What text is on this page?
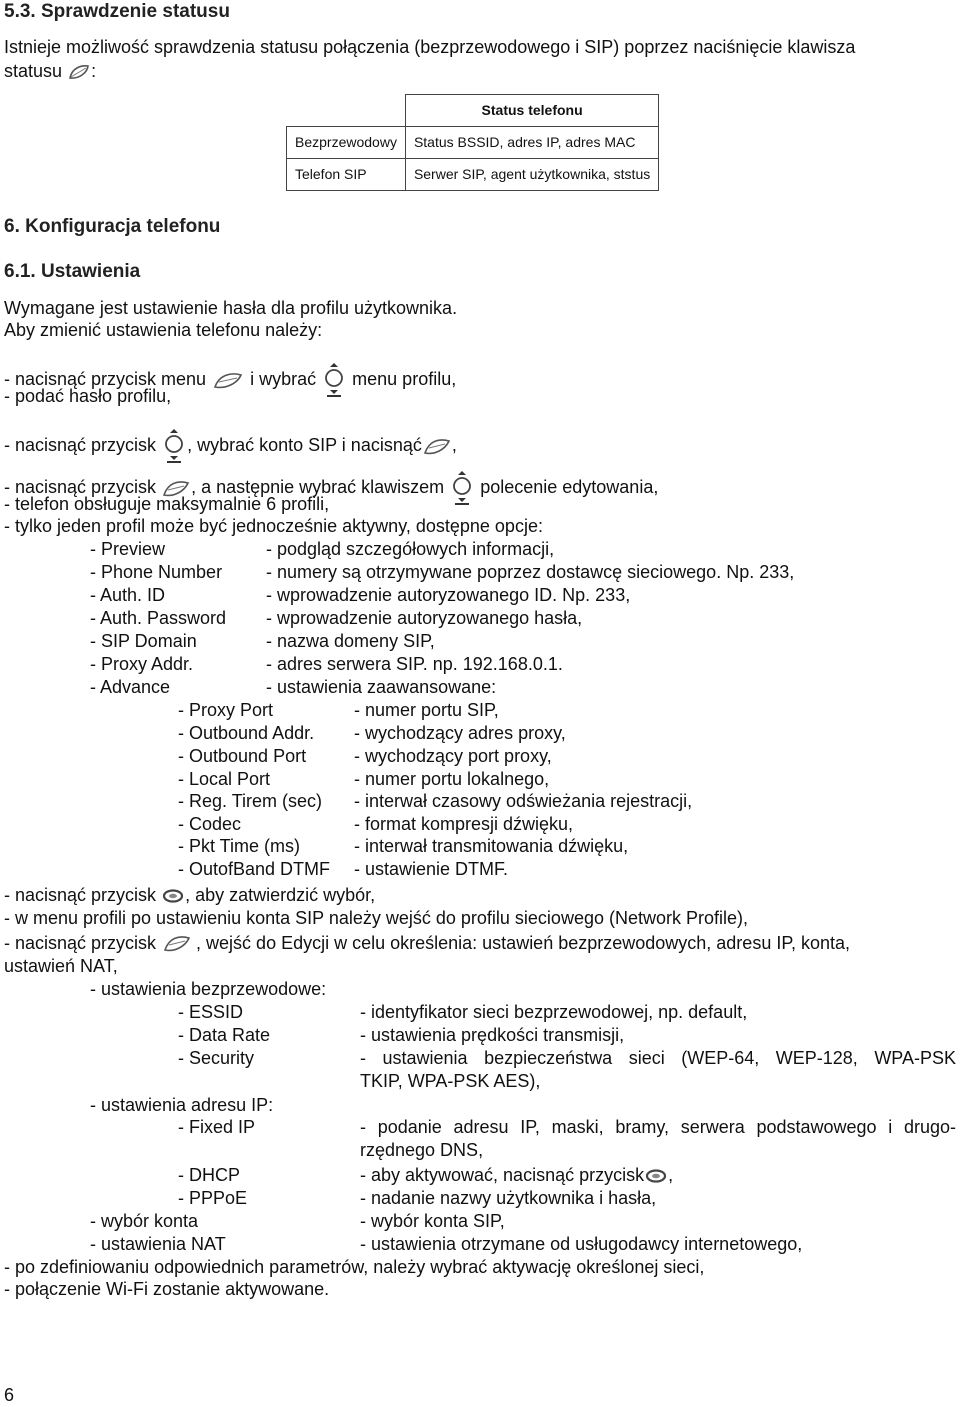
5.3. Sprawdzenie statusu
Istnieje możliwość sprawdzenia statusu połączenia (bezprzewodowego i SIP) poprzez naciśnięcie klawisza
statusu :
	Status telefonu
Bezprzewodowy	Status BSSID, adres IP, adres MAC
Telefon SIP	Serwer SIP, agent użytkownika, ststus
6. Konfiguracja telefonu
6.1. Ustawienia
Wymagane jest ustawienie hasła dla profilu użytkownika.
Aby zmienić ustawienia telefonu należy:
- nacisnąć przycisk menu i wybrać menu profilu,
- podać hasło profilu,
- nacisnąć przycisk , wybrać konto SIP i nacisnąć ,
- nacisnąć przycisk , a następnie wybrać klawiszem polecenie edytowania,
- telefon obsługuje maksymalnie 6 profili,
- tylko jeden profil może być jednocześnie aktywny, dostępne opcje:
- Preview	- podgląd szczegółowych informacji,
- Phone Number - numery są otrzymywane poprzez dostawcę sieciowego. Np. 233,
- Auth. ID	- wprowadzenie autoryzowanego ID. Np. 233,
- Auth. Password - wprowadzenie autoryzowanego hasła,
- SIP Domain	- nazwa domeny SIP,
- Proxy Addr.	- adres serwera SIP. np. 192.168.0.1.
- Advance	- ustawienia zaawansowane:
- Proxy Port	- numer portu SIP,
- Outbound Addr. - wychodzący adres proxy,
- Outbound Port	- wychodzący port proxy,
- Local Port	- numer portu lokalnego,
- Reg. Tirem (sec) - interwał czasowy odświeżania rejestracji,
- Codec	- format kompresji dźwięku,
- Pkt Time (ms)	- interwał transmitowania dźwięku,
- OutofBand DTMF - ustawienie DTMF.
- nacisnąć przycisk , aby zatwierdzić wybór,
- w menu profili po ustawieniu konta SIP należy wejść do profilu sieciowego (Network Profile),
- nacisnąć przycisk , wejść do Edycji w celu określenia: ustawień bezprzewodowych, adresu IP, konta,
ustawień NAT,
- ustawienia bezprzewodowe:
- ESSID	- identyfikator sieci bezprzewodowej, np. default,
- Data Rate	- ustawienia prędkości transmisji,
- Security	- ustawienia bezpieczeństwa sieci (WEP-64, WEP-128, WPA-PSK
TKIP, WPA-PSK AES),
- ustawienia adresu IP:
- Fixed IP	- podanie adresu IP, maski, bramy, serwera podstawowego i drugo-
rzędnego DNS,
- DHCP	- aby aktywować, nacisnąć przycisk ,
- PPPoE	- nadanie nazwy użytkownika i hasła,
- wybór konta	- wybór konta SIP,
- ustawienia NAT	- ustawienia otrzymane od usługodawcy internetowego,
- po zdefiniowaniu odpowiednich parametrów, należy wybrać aktywację określonej sieci,
- połączenie Wi-Fi zostanie aktywowane.
6
